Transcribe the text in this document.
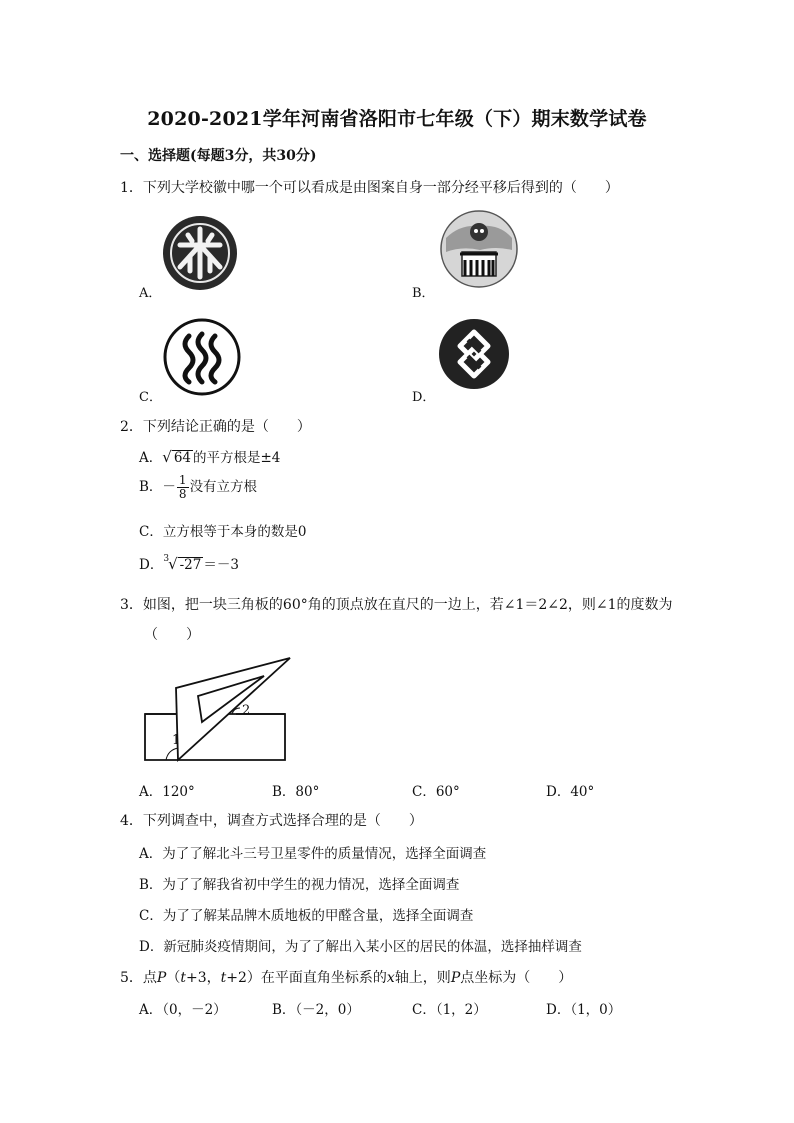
2020-2021学年河南省洛阳市七年级（下）期末数学试卷
一、选择题(每题3分，共30分)
1．下列大学校徽中哪一个可以看成是由图案自身一部分经平移后得到的（　　）
A．	B．
C．	D．
2．下列结论正确的是（　　）
A．√ 64 的平方根是±4
B．－ $\frac{1}{8}$ 没有立方根
C．立方根等于本身的数是0
D．$^3$√ -27 ＝－3
3．如图，把一块三角板的60°角的顶点放在直尺的一边上，若∠1＝2∠2，则∠1的度数为
（　　）
1
2
A．120°	B．80°	C．60°	D．40°
4．下列调查中，调查方式选择合理的是（　　）
A．为了了解北斗三号卫星零件的质量情况，选择全面调查
B．为了了解我省初中学生的视力情况，选择全面调查
C．为了了解某品牌木质地板的甲醛含量，选择全面调查
D．新冠肺炎疫情期间，为了了解出入某小区的居民的体温，选择抽样调查
5．点P（t+3，t+2）在平面直角坐标系的x轴上，则P点坐标为（　　）
A．（0，－2）	B．（－2，0）	C．（1，2）	D．（1，0）
